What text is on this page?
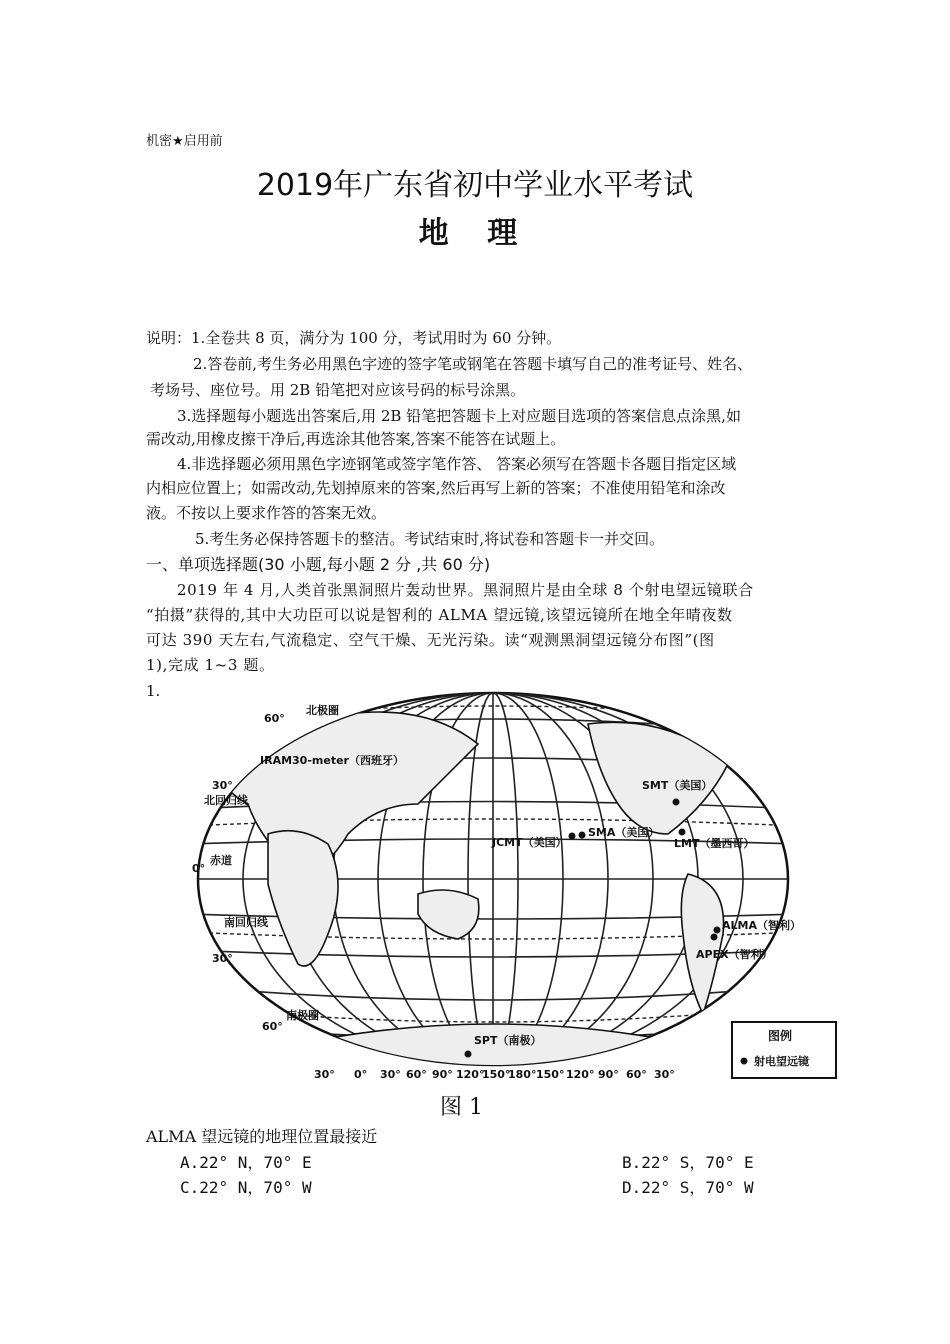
机密★启用前
2019年广东省初中学业水平考试
地 理
说明：1.全卷共 8 页，满分为 100 分，考试用时为 60 分钟。
2.答卷前,考生务必用黑色字迹的签字笔或钢笔在答题卡填写自己的准考证号、姓名、
考场号、座位号。用 2B 铅笔把对应该号码的标号涂黑。
3.选择题每小题选出答案后,用 2B 铅笔把答题卡上对应题目选项的答案信息点涂黑,如
需改动,用橡皮擦干净后,再选涂其他答案,答案不能答在试题上。
4.非选择题必须用黑色字迹钢笔或签字笔作答、 答案必须写在答题卡各题目指定区域
内相应位置上；如需改动,先划掉原来的答案,然后再写上新的答案；不准使用铅笔和涂改
液。不按以上要求作答的答案无效。
5.考生务必保持答题卡的整洁。考试结束时,将试卷和答题卡一并交回。
一、单项选择题(30 小题,每小题 2 分 ,共 60 分)
2019 年 4 月,人类首张黑洞照片轰动世界。黑洞照片是由全球 8 个射电望远镜联合
“拍摄”获得的,其中大功臣可以说是智利的 ALMA 望远镜,该望远镜所在地全年晴夜数
可达 390 天左右,气流稳定、空气干燥、无光污染。读“观测黑洞望远镜分布图”(图
1),完成 1~3 题。
1.
60°
30°
0°
30°
60°
北极圈
北回归线
赤道
南回归线
南极圈
IRAM30-meter（西班牙）
SMT（美国）
JCMT（美国）
SMA（美国）
LMT（墨西哥）
ALMA（智利）
APEX（智利）
SPT（南极）
30° 0° 30° 60° 90° 120°
150°
180° 150° 120° 90° 60° 30°
图例
射电望远镜
图 1
ALMA 望远镜的地理位置最接近
A.22° N，70° E	B.22° S，70° E
C.22° N，70° W	D.22° S，70° W
